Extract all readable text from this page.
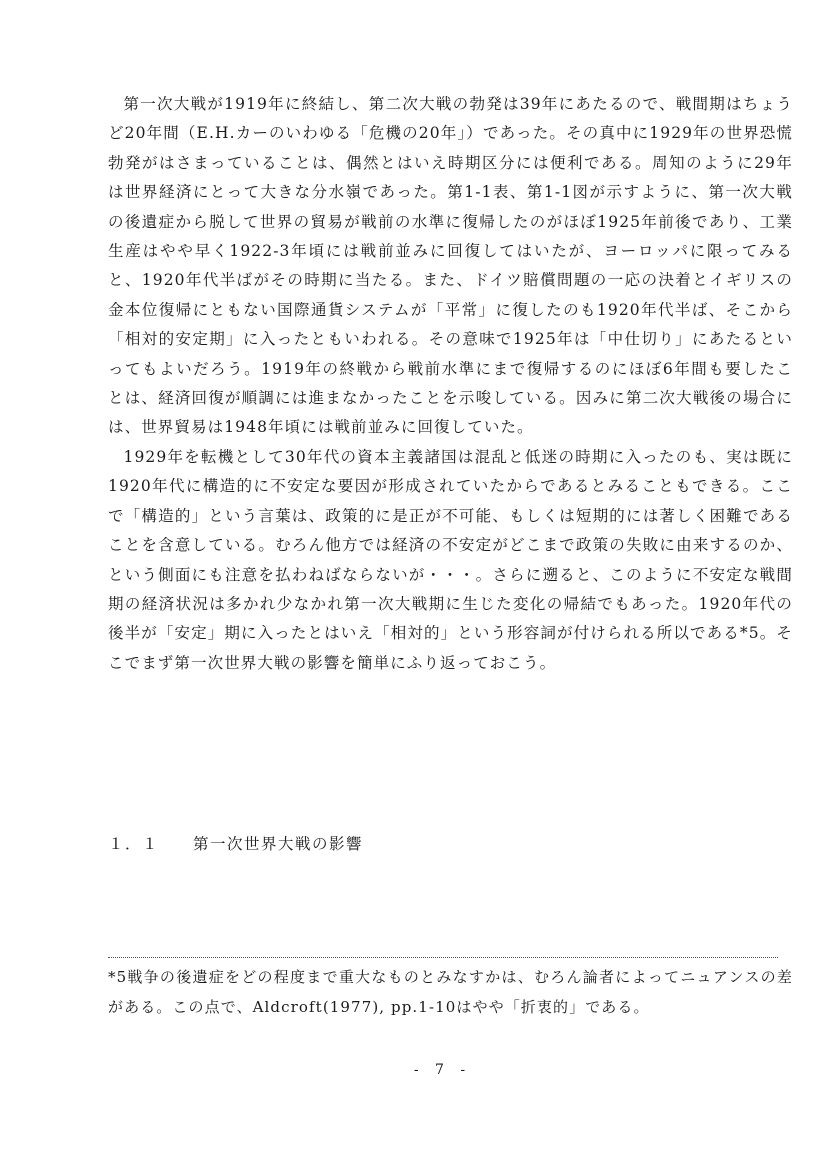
第一次大戦が1919年に終結し、第二次大戦の勃発は39年にあたるので、戦間期はちょうど20年間（E.H.カーのいわゆる「危機の20年」）であった。その真中に1929年の世界恐慌勃発がはさまっていることは、偶然とはいえ時期区分には便利である。周知のように29年は世界経済にとって大きな分水嶺であった。第1-1表、第1-1図が示すように、第一次大戦の後遺症から脱して世界の貿易が戦前の水準に復帰したのがほぼ1925年前後であり、工業生産はやや早く1922-3年頃には戦前並みに回復してはいたが、ヨーロッパに限ってみると、1920年代半ばがその時期に当たる。また、ドイツ賠償問題の一応の決着とイギリスの金本位復帰にともない国際通貨システムが「平常」に復したのも1920年代半ば、そこから「相対的安定期」に入ったともいわれる。その意味で1925年は「中仕切り」にあたるといってもよいだろう。1919年の終戦から戦前水準にまで復帰するのにほぼ6年間も要したことは、経済回復が順調には進まなかったことを示唆している。因みに第二次大戦後の場合には、世界貿易は1948年頃には戦前並みに回復していた。

1929年を転機として30年代の資本主義諸国は混乱と低迷の時期に入ったのも、実は既に1920年代に構造的に不安定な要因が形成されていたからであるとみることもできる。ここで「構造的」という言葉は、政策的に是正が不可能、もしくは短期的には著しく困難であることを含意している。むろん他方では経済の不安定がどこまで政策の失敗に由来するのか、という側面にも注意を払わねばならないが・・・。さらに遡ると、このように不安定な戦間期の経済状況は多かれ少なかれ第一次大戦期に生じた変化の帰結でもあった。1920年代の後半が「安定」期に入ったとはいえ「相対的」という形容詞が付けられる所以である*5。そこでまず第一次世界大戦の影響を簡単にふり返っておこう。

１．１　　 第一次世界大戦の影響

*5戦争の後遺症をどの程度まで重大なものとみなすかは、むろん論者によってニュアンスの差がある。この点で、Aldcroft(1977), pp.1-10はやや「折衷的」である。

- 7 -
